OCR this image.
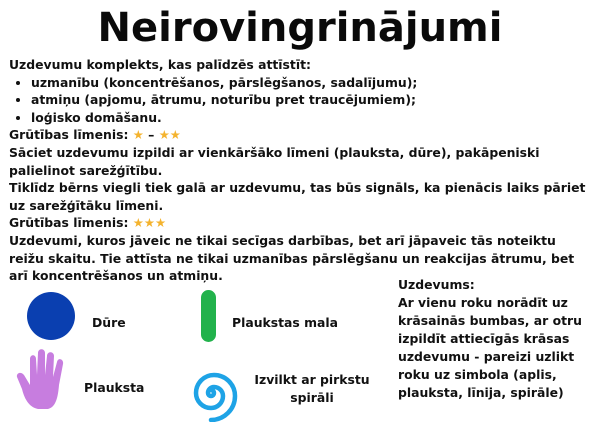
Neirovingrinājumi

Uzdevumu komplekts, kas palīdzēs attīstīt:

• uzmanību (koncentrēšanos, pārslēgšanos, sadalījumu);
• atmiņu (apjomu, ātrumu, noturību pret traucējumiem);
• loģisko domāšanu.

Grūtības līmenis: ★ – ★★

Sāciet uzdevumu izpildi ar vienkāršāko līmeni (plauksta, dūre), pakāpeniski palielinot sarežģītību.

Tiklīdz bērns viegli tiek galā ar uzdevumu, tas būs signāls, ka pienācis laiks pāriet uz sarežģītāku līmeni.

Grūtības līmenis: ★★★

Uzdevumi, kuros jāveic ne tikai secīgas darbības, bet arī jāpaveic tās noteiktu reižu skaitu. Tie attīsta ne tikai uzmanības pārslēgšanu un reakcijas ātrumu, bet arī koncentrēšanos un atmiņu.

Dūre	Plaukstas mala
Plauksta
Izvilkt ar pirkstu spirāli
Uzdevums:
Ar vienu roku norādīt uz krāsainās bumbas, ar otru izpildīt attiecīgās krāsas uzdevumu - pareizi uzlikt roku uz simbola (aplis, plauksta, līnija, spirāle)
